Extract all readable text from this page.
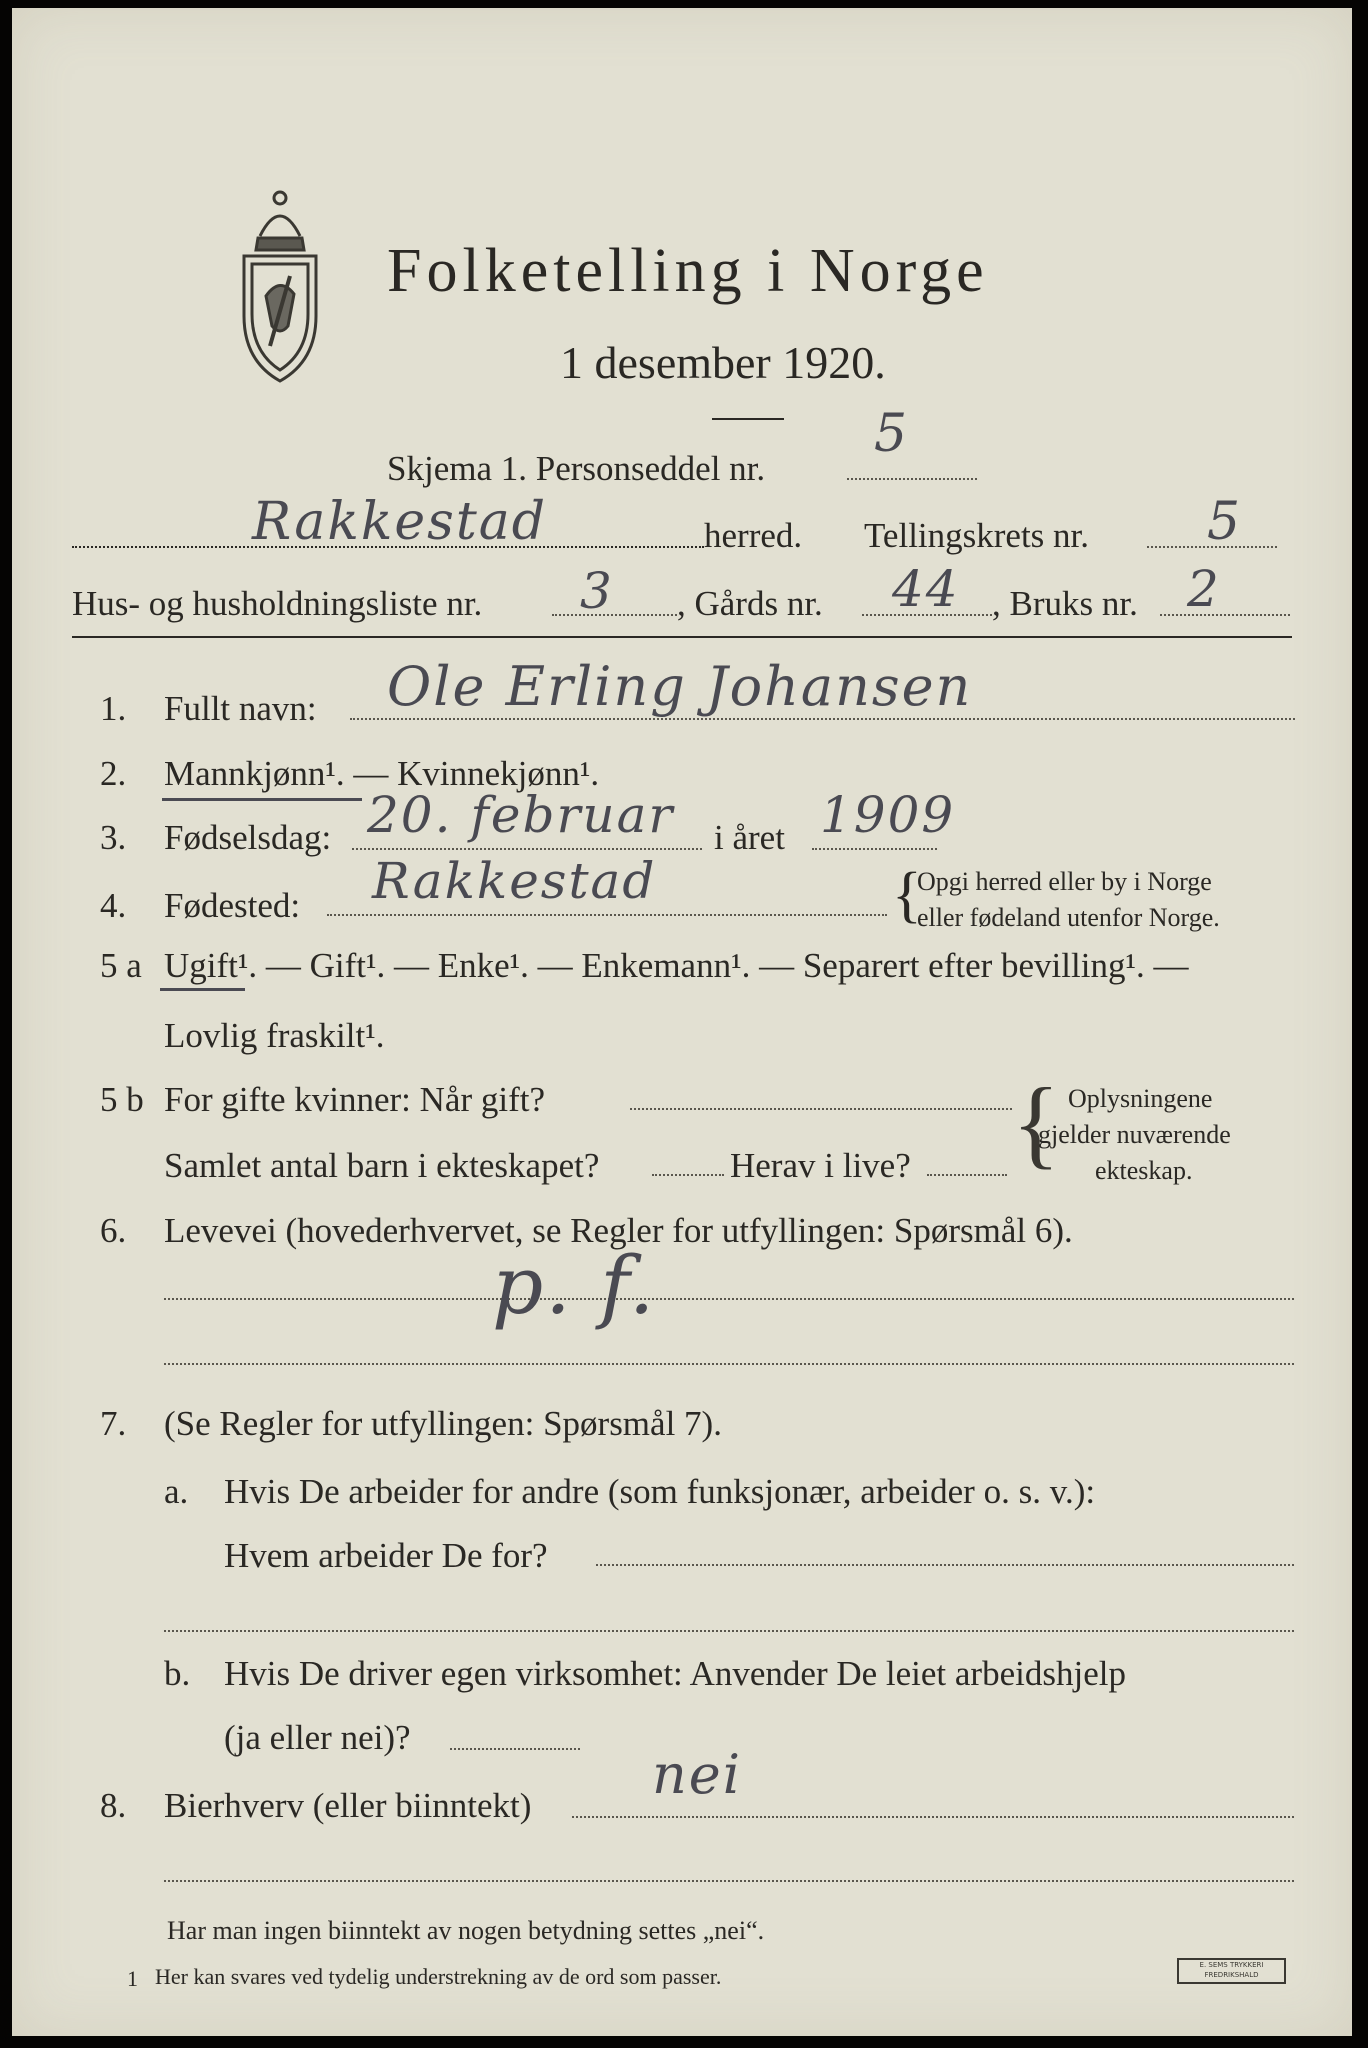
Folketelling i Norge
1 desember 1920.
Skjema 1. Personseddel nr.
5
Rakkestad	herred. Tellingskrets nr. 5
Hus- og husholdningsliste nr. 3 , Gårds nr. 44 , Bruks nr. 2
1. Fullt navn: Ole Erling Johansen
2. Mannkjønn¹. — Kvinnekjønn¹.
3. Fødselsdag: 20. februar i året 1909
4. Fødested: Rakkestad	{
Opgi herred eller by i Norge
eller fødeland utenfor Norge.
5 a Ugift¹. — Gift¹. — Enke¹. — Enkemann¹. — Separert efter bevilling¹. —
Lovlig fraskilt¹.
5 b For gifte kvinner: Når gift?
Samlet antal barn i ekteskapet?	Herav i live? { Oplysningene
gjelder nuværende
ekteskap.
6. Levevei (hovederhvervet, se Regler for utfyllingen: Spørsmål 6).
p. f.
7. (Se Regler for utfyllingen: Spørsmål 7).
a. Hvis De arbeider for andre (som funksjonær, arbeider o. s. v.):
Hvem arbeider De for?
b. Hvis De driver egen virksomhet: Anvender De leiet arbeidshjelp
(ja eller nei)?
8. Bierhverv (eller biinntekt) nei
Har man ingen biinntekt av nogen betydning settes „nei“.
1 Her kan svares ved tydelig understrekning av de ord som passer.	E. SEMS TRYKKERI FREDRIKSHALD
